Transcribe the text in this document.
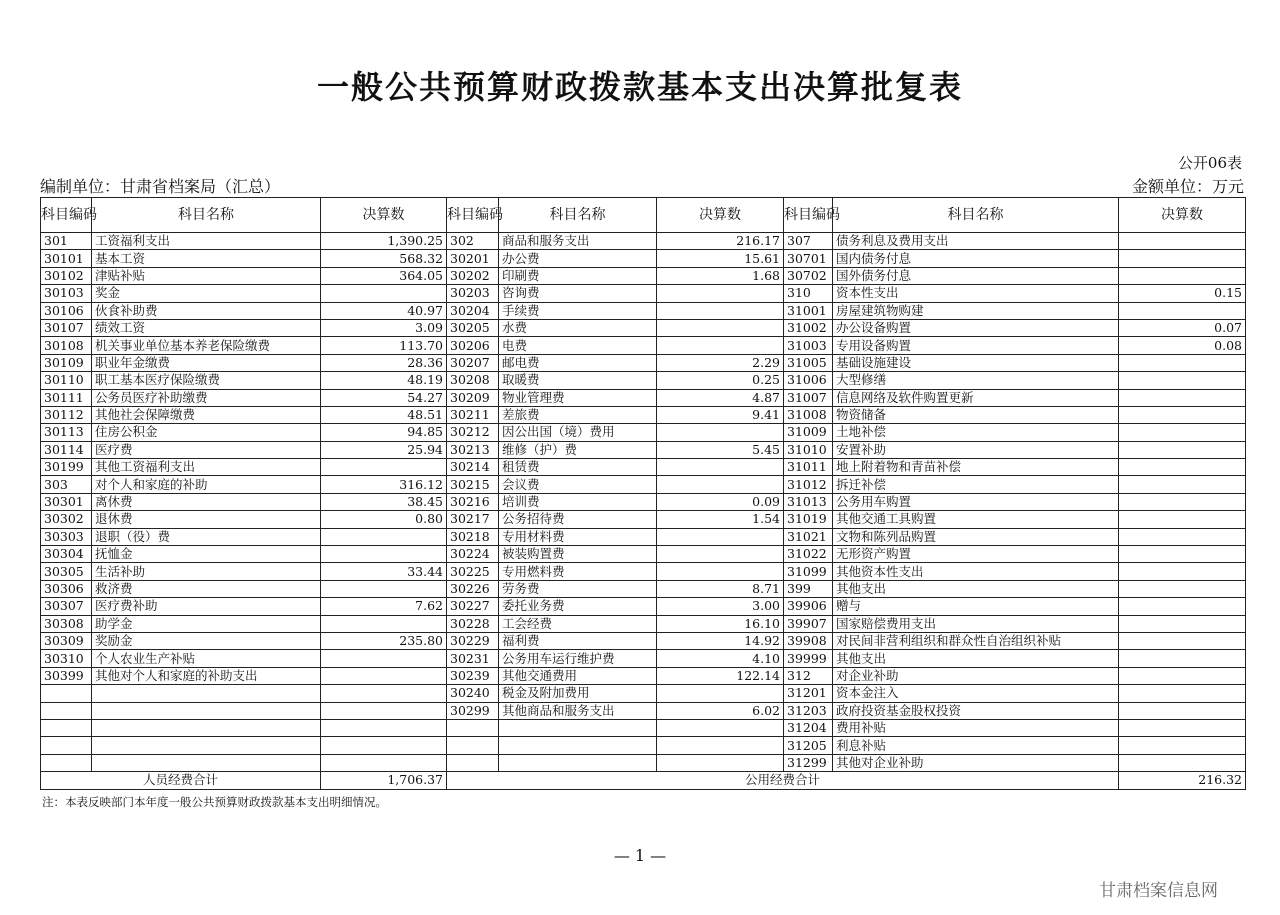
一般公共预算财政拨款基本支出决算批复表
公开06表
编制单位：甘肃省档案局（汇总）	金额单位：万元
科目编码	科目名称	决算数	科目编码	科目名称	决算数	科目编码	科目名称	决算数
301	工资福利支出	1,390.25	302	商品和服务支出	216.17	307	债务利息及费用支出	
30101	基本工资	568.32	30201	办公费	15.61	30701	国内债务付息	
30102	津贴补贴	364.05	30202	印刷费	1.68	30702	国外债务付息	
30103	奖金		30203	咨询费		310	资本性支出	0.15
30106	伙食补助费	40.97	30204	手续费		31001	房屋建筑物购建	
30107	绩效工资	3.09	30205	水费		31002	办公设备购置	0.07
30108	机关事业单位基本养老保险缴费	113.70	30206	电费		31003	专用设备购置	0.08
30109	职业年金缴费	28.36	30207	邮电费	2.29	31005	基础设施建设	
30110	职工基本医疗保险缴费	48.19	30208	取暖费	0.25	31006	大型修缮	
30111	公务员医疗补助缴费	54.27	30209	物业管理费	4.87	31007	信息网络及软件购置更新	
30112	其他社会保障缴费	48.51	30211	差旅费	9.41	31008	物资储备	
30113	住房公积金	94.85	30212	因公出国（境）费用		31009	土地补偿	
30114	医疗费	25.94	30213	维修（护）费	5.45	31010	安置补助	
30199	其他工资福利支出		30214	租赁费		31011	地上附着物和青苗补偿	
303	对个人和家庭的补助	316.12	30215	会议费		31012	拆迁补偿	
30301	离休费	38.45	30216	培训费	0.09	31013	公务用车购置	
30302	退休费	0.80	30217	公务招待费	1.54	31019	其他交通工具购置	
30303	退职（役）费		30218	专用材料费		31021	文物和陈列品购置	
30304	抚恤金		30224	被装购置费		31022	无形资产购置	
30305	生活补助	33.44	30225	专用燃料费		31099	其他资本性支出	
30306	救济费		30226	劳务费	8.71	399	其他支出	
30307	医疗费补助	7.62	30227	委托业务费	3.00	39906	赠与	
30308	助学金		30228	工会经费	16.10	39907	国家赔偿费用支出	
30309	奖励金	235.80	30229	福利费	14.92	39908	对民间非营利组织和群众性自治组织补贴	
30310	个人农业生产补贴		30231	公务用车运行维护费	4.10	39999	其他支出	
30399	其他对个人和家庭的补助支出		30239	其他交通费用	122.14	312	对企业补助	
			30240	税金及附加费用		31201	资本金注入	
			30299	其他商品和服务支出	6.02	31203	政府投资基金股权投资	
						31204	费用补贴	
						31205	利息补贴	
						31299	其他对企业补助	
人员经费合计		1,706.37	公用经费合计					216.32
注：本表反映部门本年度一般公共预算财政拨款基本支出明细情况。
— 1 —
甘肃档案信息网
